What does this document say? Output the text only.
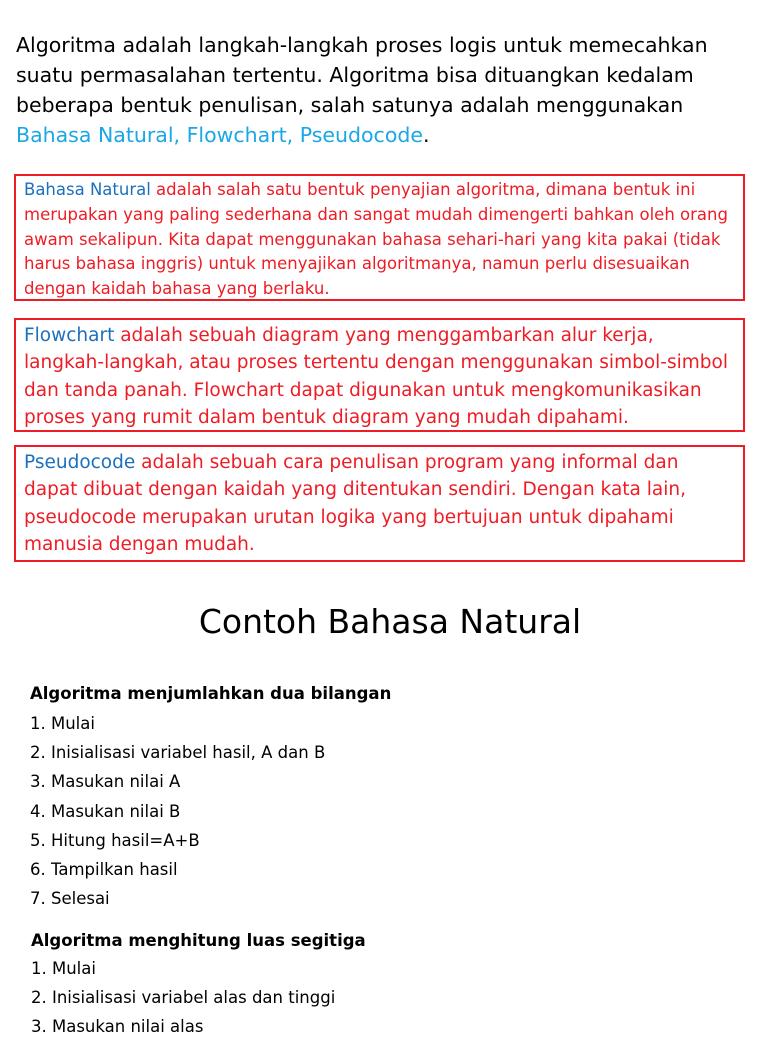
Algoritma adalah langkah-langkah proses logis untuk memecahkan suatu permasalahan tertentu. Algoritma bisa dituangkan kedalam beberapa bentuk penulisan, salah satunya adalah menggunakan Bahasa Natural, Flowchart, Pseudocode.

Bahasa Natural adalah salah satu bentuk penyajian algoritma, dimana bentuk ini merupakan yang paling sederhana dan sangat mudah dimengerti bahkan oleh orang awam sekalipun. Kita dapat menggunakan bahasa sehari-hari yang kita pakai (tidak harus bahasa inggris) untuk menyajikan algoritmanya, namun perlu disesuaikan dengan kaidah bahasa yang berlaku.

Flowchart adalah sebuah diagram yang menggambarkan alur kerja, langkah-langkah, atau proses tertentu dengan menggunakan simbol-simbol dan tanda panah. Flowchart dapat digunakan untuk mengkomunikasikan proses yang rumit dalam bentuk diagram yang mudah dipahami.

Pseudocode adalah sebuah cara penulisan program yang informal dan dapat dibuat dengan kaidah yang ditentukan sendiri. Dengan kata lain, pseudocode merupakan urutan logika yang bertujuan untuk dipahami manusia dengan mudah.

Contoh Bahasa Natural
Algoritma menjumlahkan dua bilangan
1. Mulai
2. Inisialisasi variabel hasil, A dan B
3. Masukan nilai A
4. Masukan nilai B
5. Hitung hasil=A+B
6. Tampilkan hasil
7. Selesai
Algoritma menghitung luas segitiga
1. Mulai
2. Inisialisasi variabel alas dan tinggi
3. Masukan nilai alas
